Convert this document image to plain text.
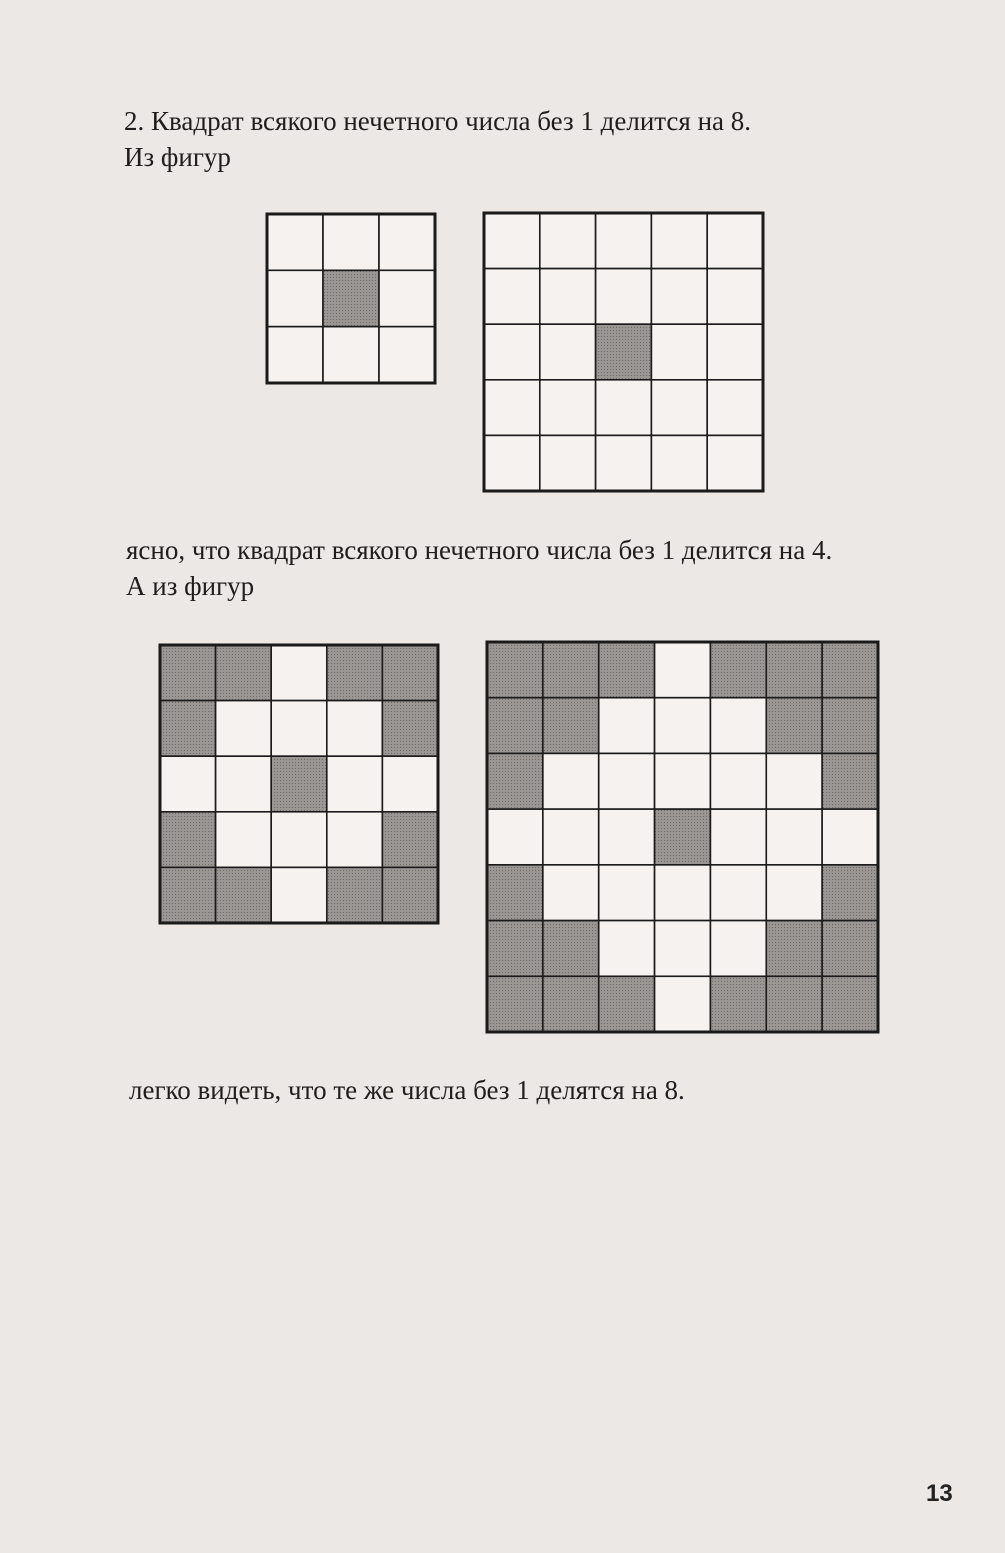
2. Квадрат всякого нечетного числа без 1 делится на 8.

Из фигур

ясно, что квадрат всякого нечетного числа без 1 делится на 4.

А из фигур

легко видеть, что те же числа без 1 делятся на 8.

13
